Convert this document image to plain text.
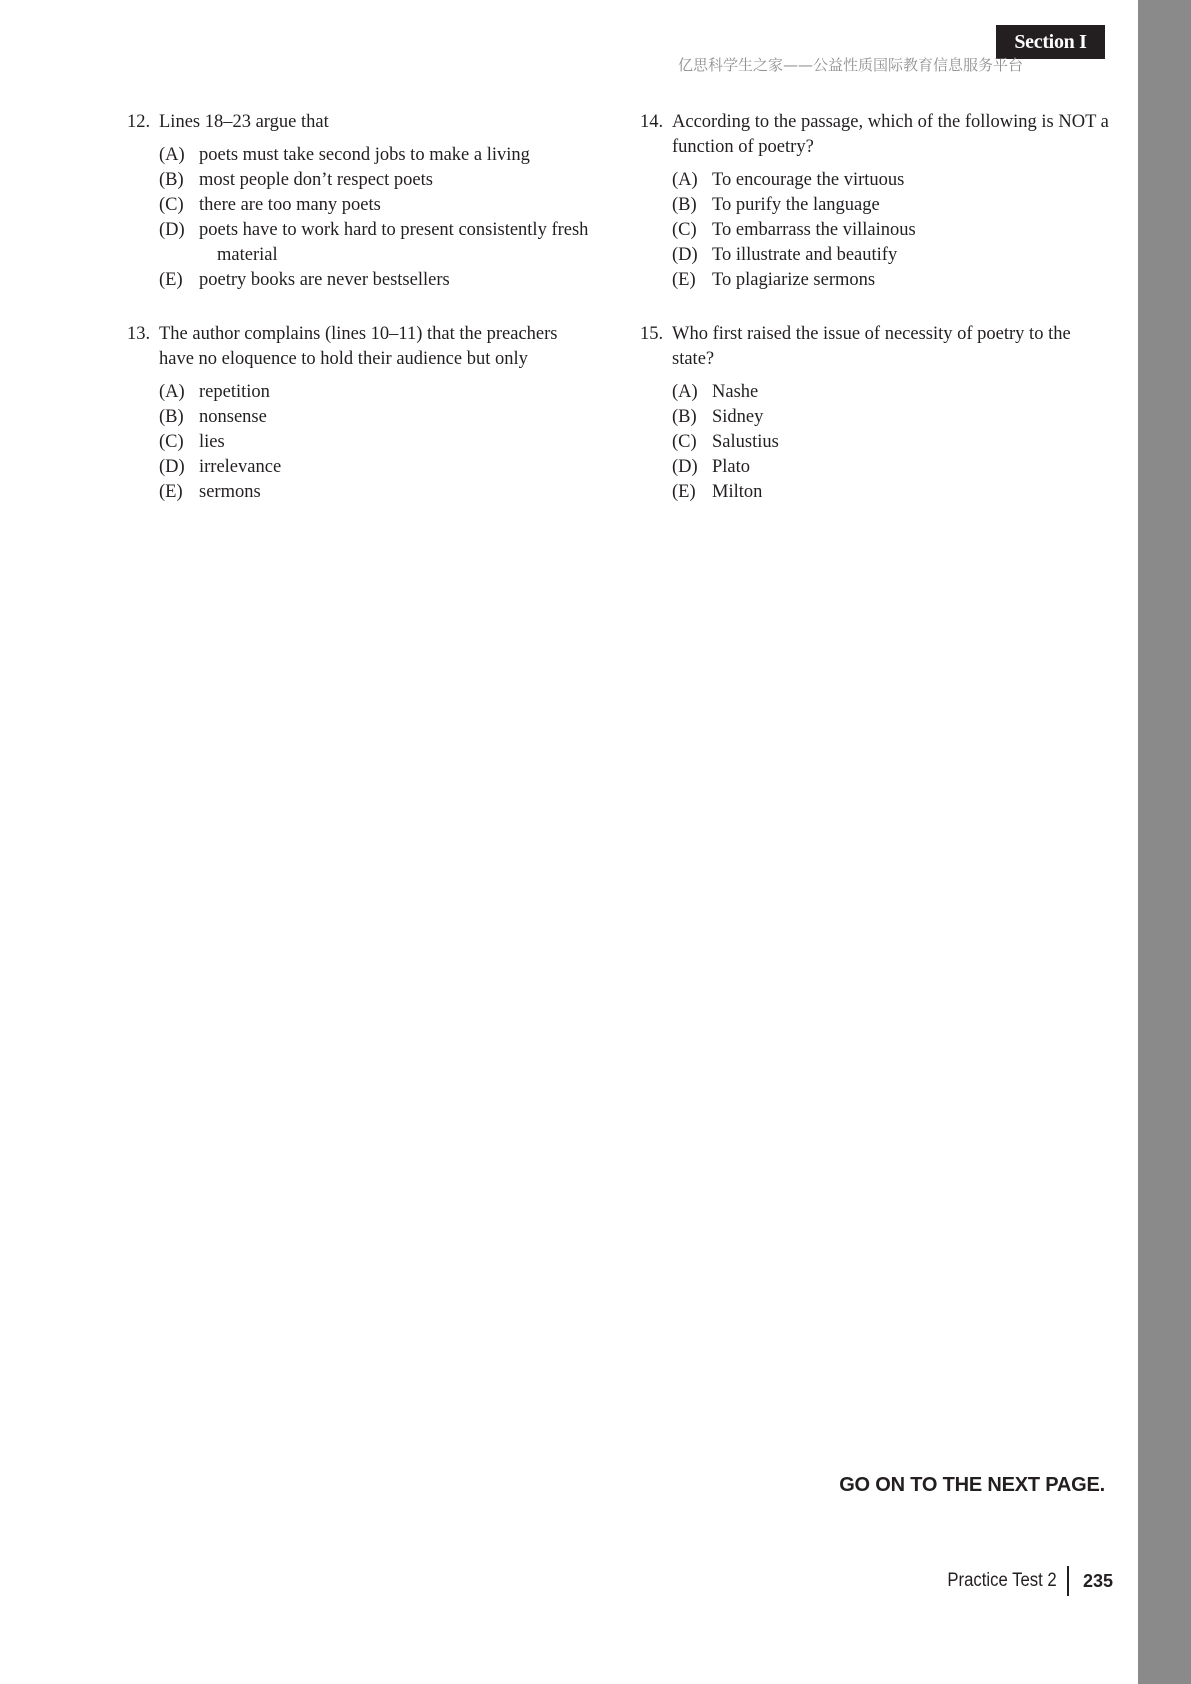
Section I
亿思科学生之家——公益性质国际教育信息服务平台
12. Lines 18–23 argue that
(A) poets must take second jobs to make a living
(B) most people don’t respect poets
(C) there are too many poets
(D) poets have to work hard to present consistently fresh material
(E) poetry books are never bestsellers
13. The author complains (lines 10–11) that the preachers have no eloquence to hold their audience but only
(A) repetition
(B) nonsense
(C) lies
(D) irrelevance
(E) sermons
14. According to the passage, which of the following is NOT a function of poetry?
(A) To encourage the virtuous
(B) To purify the language
(C) To embarrass the villainous
(D) To illustrate and beautify
(E) To plagiarize sermons
15. Who first raised the issue of necessity of poetry to the state?
(A) Nashe
(B) Sidney
(C) Salustius
(D) Plato
(E) Milton
GO ON TO THE NEXT PAGE.
Practice Test 2	235
